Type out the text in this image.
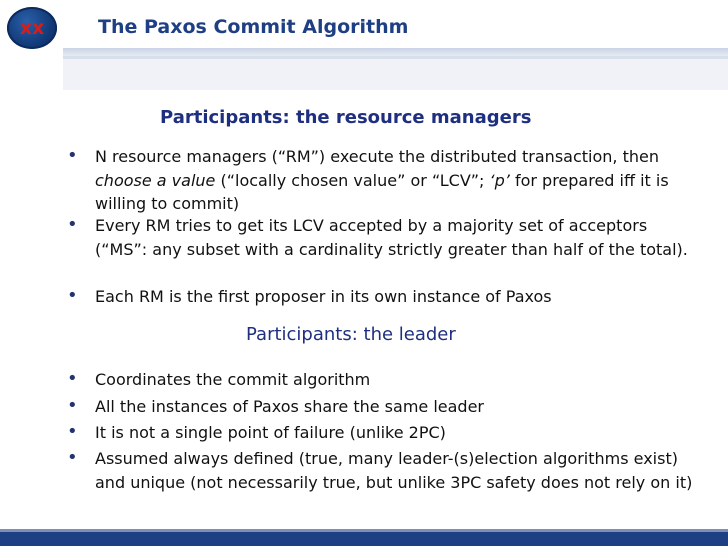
xx	The Paxos Commit Algorithm
Participants: the resource managers
• N resource managers (“RM”) execute the distributed transaction, then choose a value (“locally chosen value” or “LCV”; ‘p’ for prepared iff it is willing to commit)
• Every RM tries to get its LCV accepted by a majority set of acceptors (“MS”: any subset with a cardinality strictly greater than half of the total).
• Each RM is the first proposer in its own instance of Paxos
Participants: the leader
• Coordinates the commit algorithm
• All the instances of Paxos share the same leader
• It is not a single point of failure (unlike 2PC)
• Assumed always defined (true, many leader-(s)election algorithms exist) and unique (not necessarily true, but unlike 3PC safety does not rely on it)
